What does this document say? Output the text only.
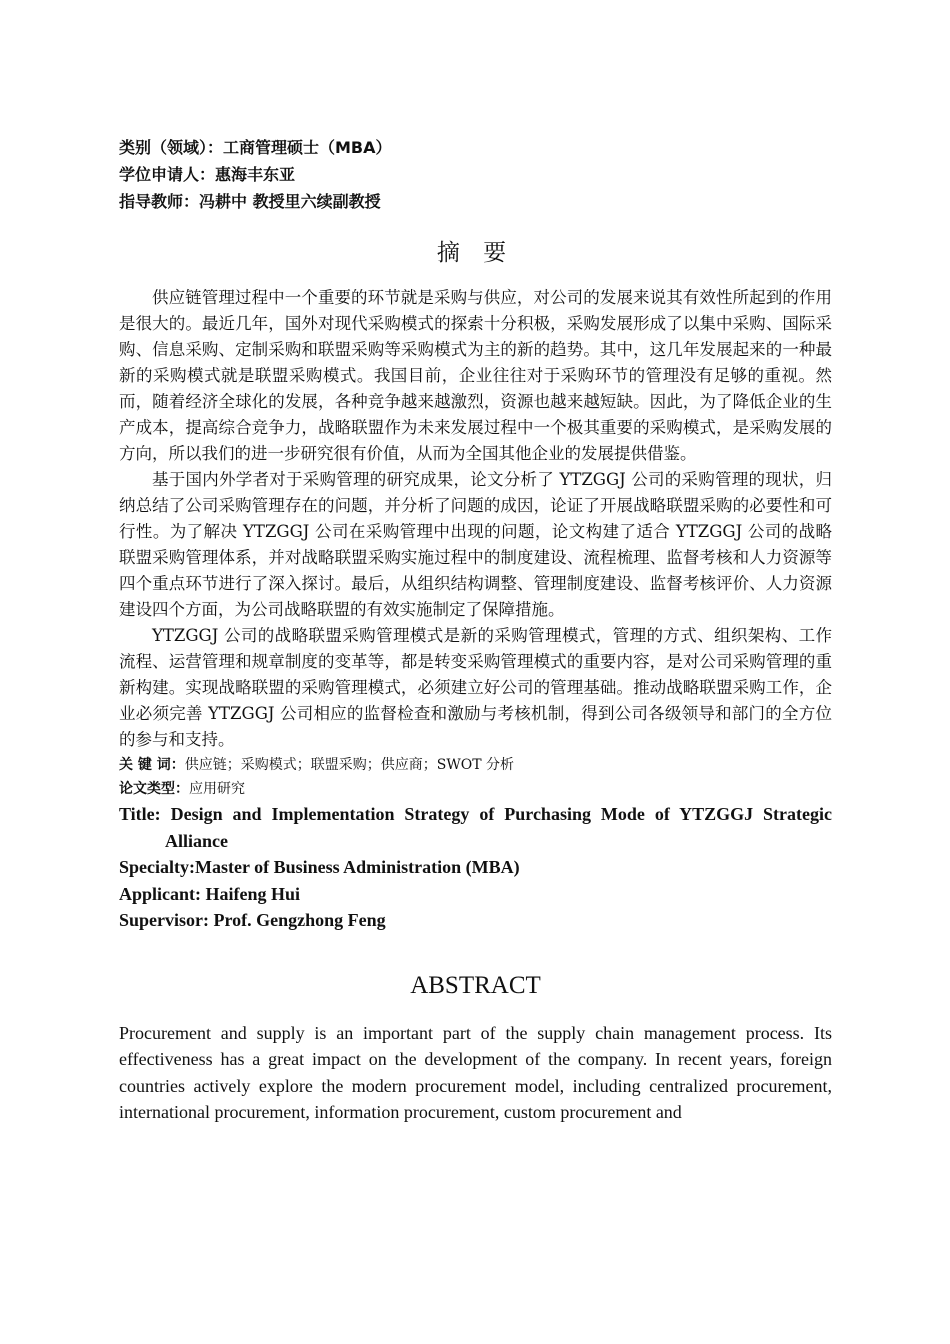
类别（领域）：工商管理硕士（MBA）

学位申请人：惠海丰东亚

指导教师：冯耕中 教授里六续副教授

摘 要

供应链管理过程中一个重要的环节就是采购与供应，对公司的发展来说其有效性所起到的作用是很大的。最近几年，国外对现代采购模式的探索十分积极，采购发展形成了以集中采购、国际采购、信息采购、定制采购和联盟采购等采购模式为主的新的趋势。其中，这几年发展起来的一种最新的采购模式就是联盟采购模式。我国目前，企业往往对于采购环节的管理没有足够的重视。然而，随着经济全球化的发展，各种竞争越来越激烈，资源也越来越短缺。因此，为了降低企业的生产成本，提高综合竞争力，战略联盟作为未来发展过程中一个极其重要的采购模式，是采购发展的方向，所以我们的进一步研究很有价值，从而为全国其他企业的发展提供借鉴。

基于国内外学者对于采购管理的研究成果，论文分析了 YTZGGJ 公司的采购管理的现状，归纳总结了公司采购管理存在的问题，并分析了问题的成因，论证了开展战略联盟采购的必要性和可行性。为了解决 YTZGGJ 公司在采购管理中出现的问题，论文构建了适合 YTZGGJ 公司的战略联盟采购管理体系，并对战略联盟采购实施过程中的制度建设、流程梳理、监督考核和人力资源等四个重点环节进行了深入探讨。最后，从组织结构调整、管理制度建设、监督考核评价、人力资源建设四个方面，为公司战略联盟的有效实施制定了保障措施。

YTZGGJ 公司的战略联盟采购管理模式是新的采购管理模式，管理的方式、组织架构、工作流程、运营管理和规章制度的变革等，都是转变采购管理模式的重要内容，是对公司采购管理的重新构建。实现战略联盟的采购管理模式，必须建立好公司的管理基础。推动战略联盟采购工作，企业必须完善 YTZGGJ 公司相应的监督检查和激励与考核机制，得到公司各级领导和部门的全方位的参与和支持。

关 键 词：供应链；采购模式；联盟采购；供应商；SWOT 分析

论文类型：应用研究

Title: Design and Implementation Strategy of Purchasing Mode of YTZGGJ Strategic Alliance

Specialty:Master of Business Administration (MBA)

Applicant: Haifeng Hui

Supervisor: Prof. Gengzhong Feng

ABSTRACT

Procurement and supply is an important part of the supply chain management process. Its effectiveness has a great impact on the development of the company. In recent years, foreign countries actively explore the modern procurement model, including centralized procurement, international procurement, information procurement, custom procurement and
